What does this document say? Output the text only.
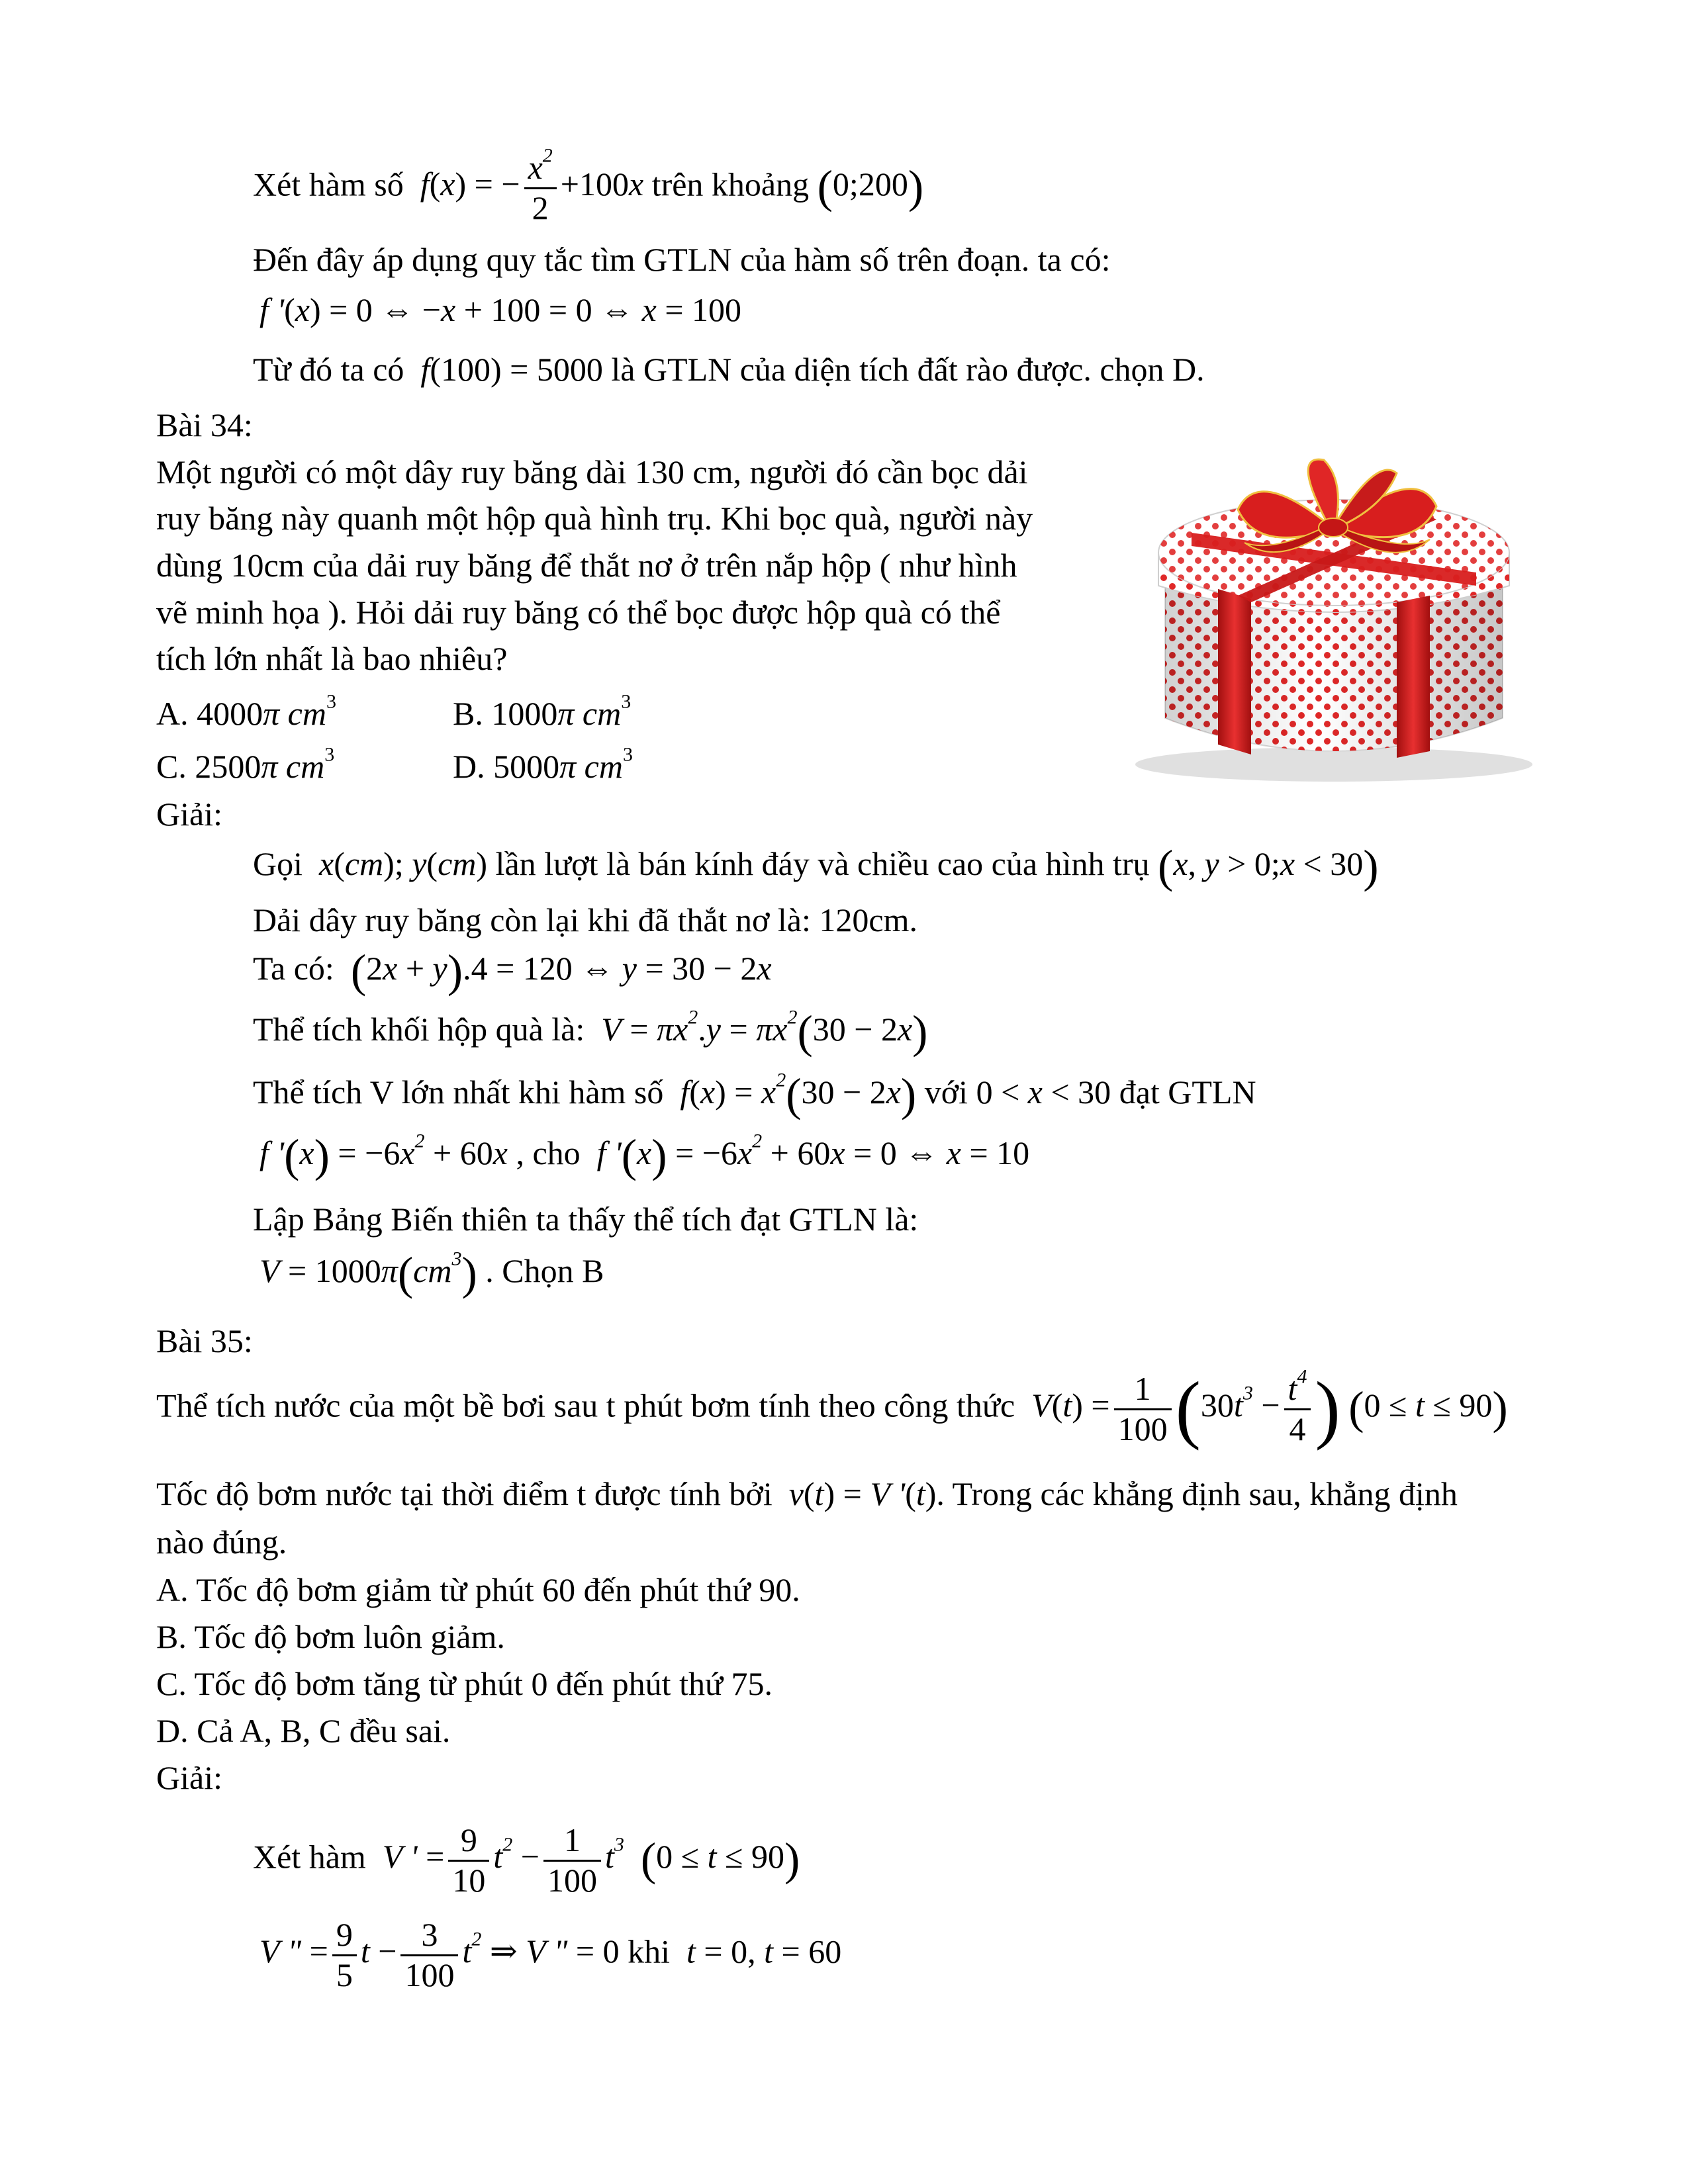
Xét hàm số  f(x) = − $\frac{x^2}{2} +100x$ trên khoảng (0;200)
Đến đây áp dụng quy tắc tìm GTLN của hàm số trên đoạn. ta có:
f '(x) = 0 ⇔ −x + 100 = 0 ⇔ x = 100
Từ đó ta có  f(100) = 5000 là GTLN của diện tích đất rào được. chọn D.
Bài 34:
Một người có một dây ruy băng dài 130 cm, người đó cần bọc dải
ruy băng này quanh một hộp quà hình trụ. Khi bọc quà, người này
dùng 10cm của dải ruy băng để thắt nơ ở trên nắp hộp ( như hình
vẽ minh họa ). Hỏi dải ruy băng có thể bọc được hộp quà có thể
tích lớn nhất là bao nhiêu?
A. 4000π $cm^3$	B. 1000π $cm^3$
C. 2500π $cm^3$	D. 5000π $cm^3$
Giải:
Gọi  x(cm); y(cm) lần lượt là bán kính đáy và chiều cao của hình trụ (x, y > 0;x < 30)
Dải dây ruy băng còn lại khi đã thắt nơ là: 120cm.
Ta có: (2x + y).4 = 120 ⇔ y = 30 − 2x
Thể tích khối hộp quà là:  $V = \pi x^2.y = \pi x^2(30 - 2x)$
Thể tích V lớn nhất khi hàm số  $f(x) = x^2(30 - 2x)$ với 0 < x < 30 đạt GTLN
f '$(x) = -6x^2 + 60x$ , cho  f '$(x) = -6x^2 + 60x = 0$ ⇔ x = 10
Lập Bảng Biến thiên ta thấy thể tích đạt GTLN là:
$V = 1000\pi(cm^3)$ . Chọn B
Bài 35:
Thể tích nước của một bề bơi sau t phút bơm tính theo công thức  $V(t) = \frac{1}{100} (30t^3 - \frac{t^4}{4}$ ) (0 ≤ t ≤ 90)
Tốc độ bơm nước tại thời điểm t được tính bởi  v(t) = V '(t). Trong các khẳng định sau, khẳng định
nào đúng.
A. Tốc độ bơm giảm từ phút 60 đến phút thứ 90.
B. Tốc độ bơm luôn giảm.
C. Tốc độ bơm tăng từ phút 0 đến phút thứ 75.
D. Cả A, B, C đều sai.
Giải:
Xét hàm  V ' = $\frac{9}{10} t^2 - \frac{1}{100} t^3$ (0 ≤ t ≤ 90)
V " = $\frac{9}{5}$ $t - \frac{3}{100} t^2$ ⇒ V " = 0 khi  t = 0, t = 60
